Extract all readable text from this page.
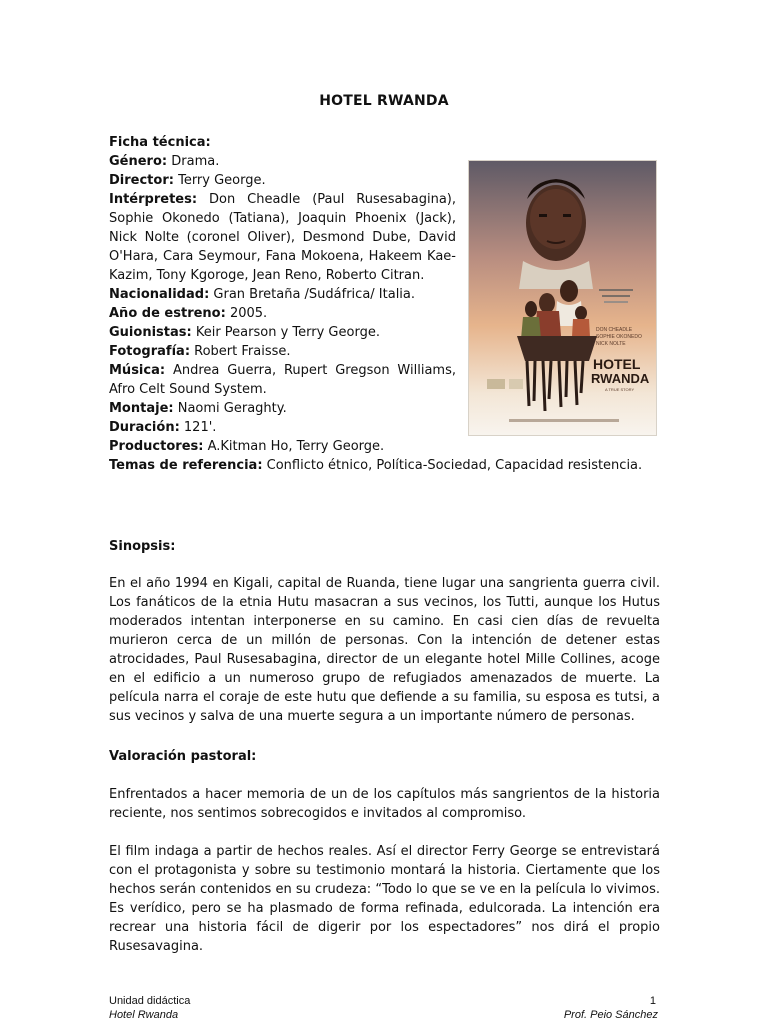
HOTEL RWANDA
DON CHEADLE
SOPHIE OKONEDO
NICK NOLTE
HOTEL
RWANDA
A TRUE STORY

Ficha técnica:

Género: Drama.

Director: Terry George.

Intérpretes: Don Cheadle (Paul Rusesabagina), Sophie Okonedo (Tatiana), Joaquin Phoenix (Jack), Nick Nolte (coronel Oliver), Desmond Dube, David O'Hara, Cara Seymour, Fana Mokoena, Hakeem Kae-Kazim, Tony Kgoroge, Jean Reno, Roberto Citran.

Nacionalidad: Gran Bretaña /Sudáfrica/ Italia.

Año de estreno: 2005.

Guionistas: Keir Pearson y Terry George.

Fotografía: Robert Fraisse.

Música: Andrea Guerra, Rupert Gregson Williams, Afro Celt Sound System.

Montaje: Naomi Geraghty.

Duración: 121'.

Productores: A.Kitman Ho, Terry George.

Temas de referencia: Conflicto étnico, Política-Sociedad, Capacidad resistencia.

Sinopsis:

En el año 1994 en Kigali, capital de Ruanda, tiene lugar una sangrienta guerra civil. Los fanáticos de la etnia Hutu masacran a sus vecinos, los Tutti, aunque los Hutus moderados intentan interponerse en su camino. En casi cien días de revuelta murieron cerca de un millón de personas. Con la intención de detener estas atrocidades, Paul Rusesabagina, director de un elegante hotel Mille Collines, acoge en el edificio a un numeroso grupo de refugiados amenazados de muerte. La película narra el coraje de este hutu que defiende a su familia, su esposa es tutsi, a sus vecinos y salva de una muerte segura a un importante número de personas.

Valoración pastoral:

Enfrentados a hacer memoria de un de los capítulos más sangrientos de la historia reciente, nos sentimos sobrecogidos e invitados al compromiso.

El film indaga a partir de hechos reales. Así el director Ferry George se entrevistará con el protagonista y sobre su testimonio montará la historia. Ciertamente que los hechos serán contenidos en su crudeza: “Todo lo que se ve en la película lo vivimos. Es verídico, pero se ha plasmado de forma refinada, edulcorada. La intención era recrear una historia fácil de digerir por los espectadores” nos dirá el propio Rusesavagina.

Unidad didáctica
Hotel Rwanda
1
Prof. Peio Sánchez
